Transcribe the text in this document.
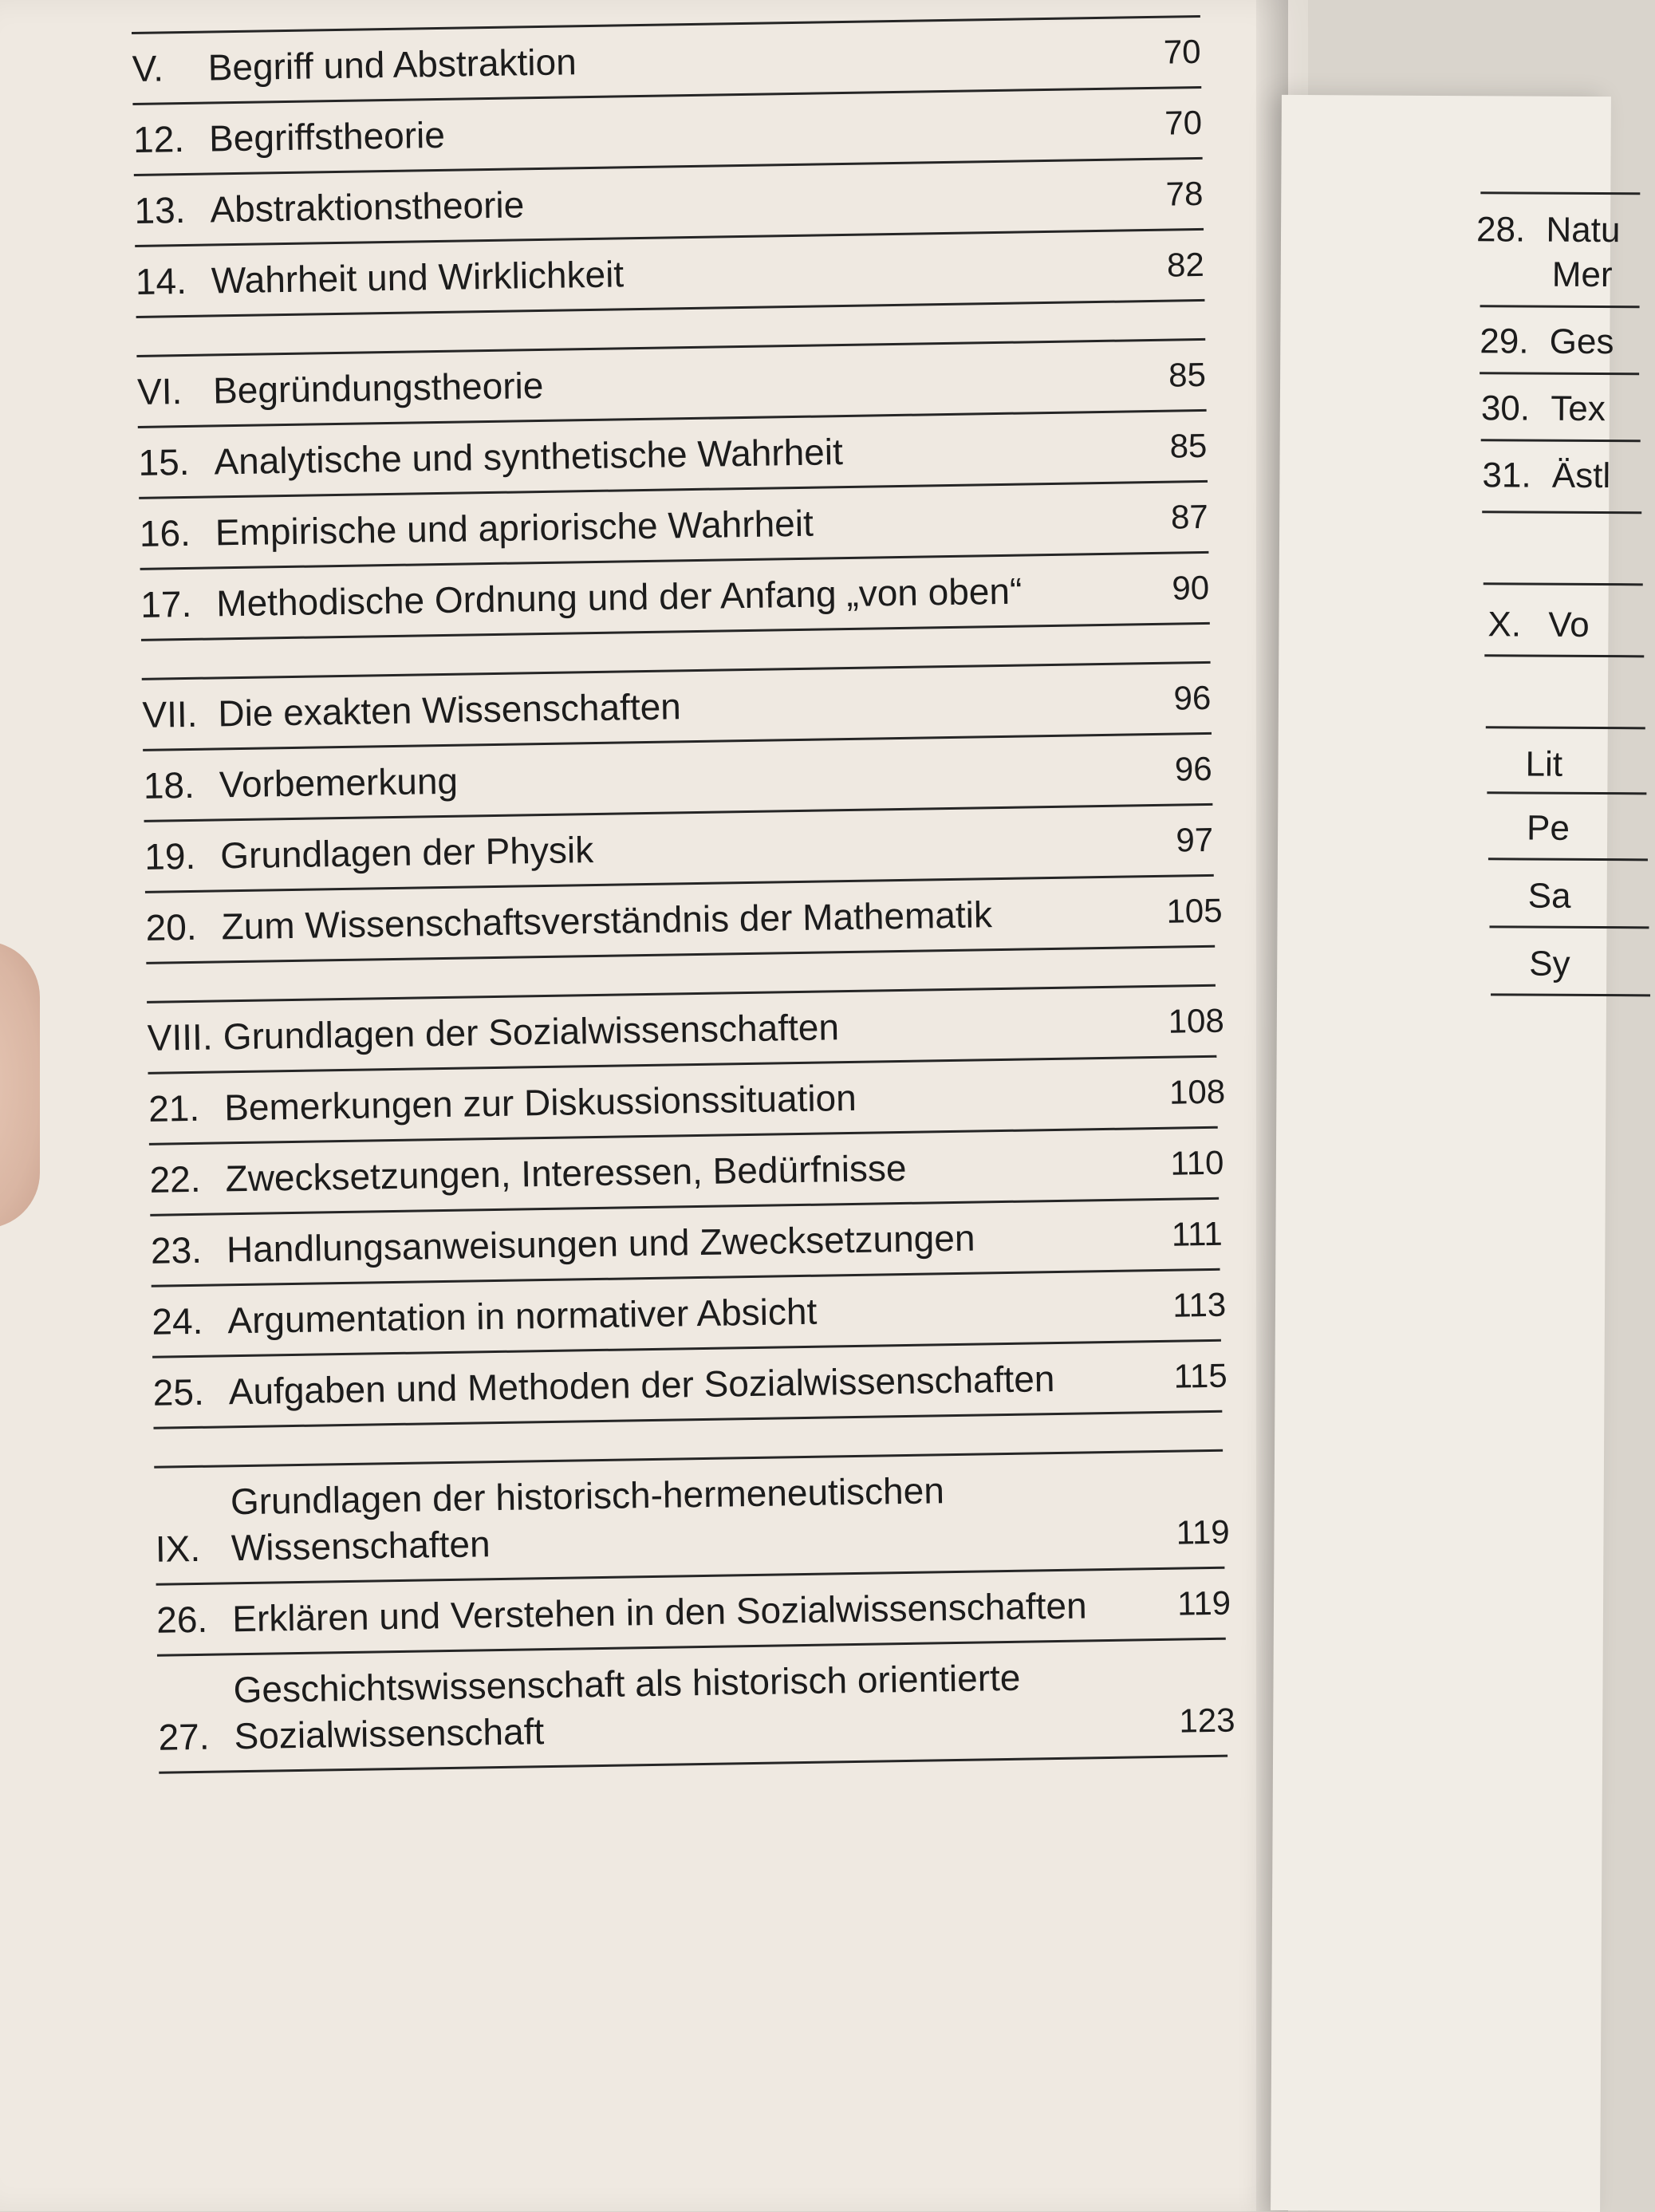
V.	Begriff und Abstraktion	70
12. Begriffstheorie	70
13. Abstraktionstheorie	78
14. Wahrheit und Wirklichkeit	82
VI. Begründungstheorie	85
15. Analytische und synthetische Wahrheit	85
16. Empirische und apriorische Wahrheit	87
17. Methodische Ordnung und der Anfang „von oben“	90
VII. Die exakten Wissenschaften	96
18. Vorbemerkung	96
19. Grundlagen der Physik	97
20. Zum Wissenschaftsverständnis der Mathematik	105
VIII. Grundlagen der Sozialwissenschaften	108
21. Bemerkungen zur Diskussionssituation	108
22. Zwecksetzungen, Interessen, Bedürfnisse	110
23. Handlungsanweisungen und Zwecksetzungen	111
24. Argumentation in normativer Absicht	113
25. Aufgaben und Methoden der Sozialwissenschaften	115
IX.
Grundlagen der historisch-hermeneutischen
Wissenschaften	119
26. Erklären und Verstehen in den Sozialwissenschaften	119
27.
Geschichtswissenschaft als historisch orientierte
Sozialwissenschaft	123
28. Natu
Mer
29. Ges
30. Tex
31. Ästl
X. Vo
Lit
Pe
Sa
Sy
